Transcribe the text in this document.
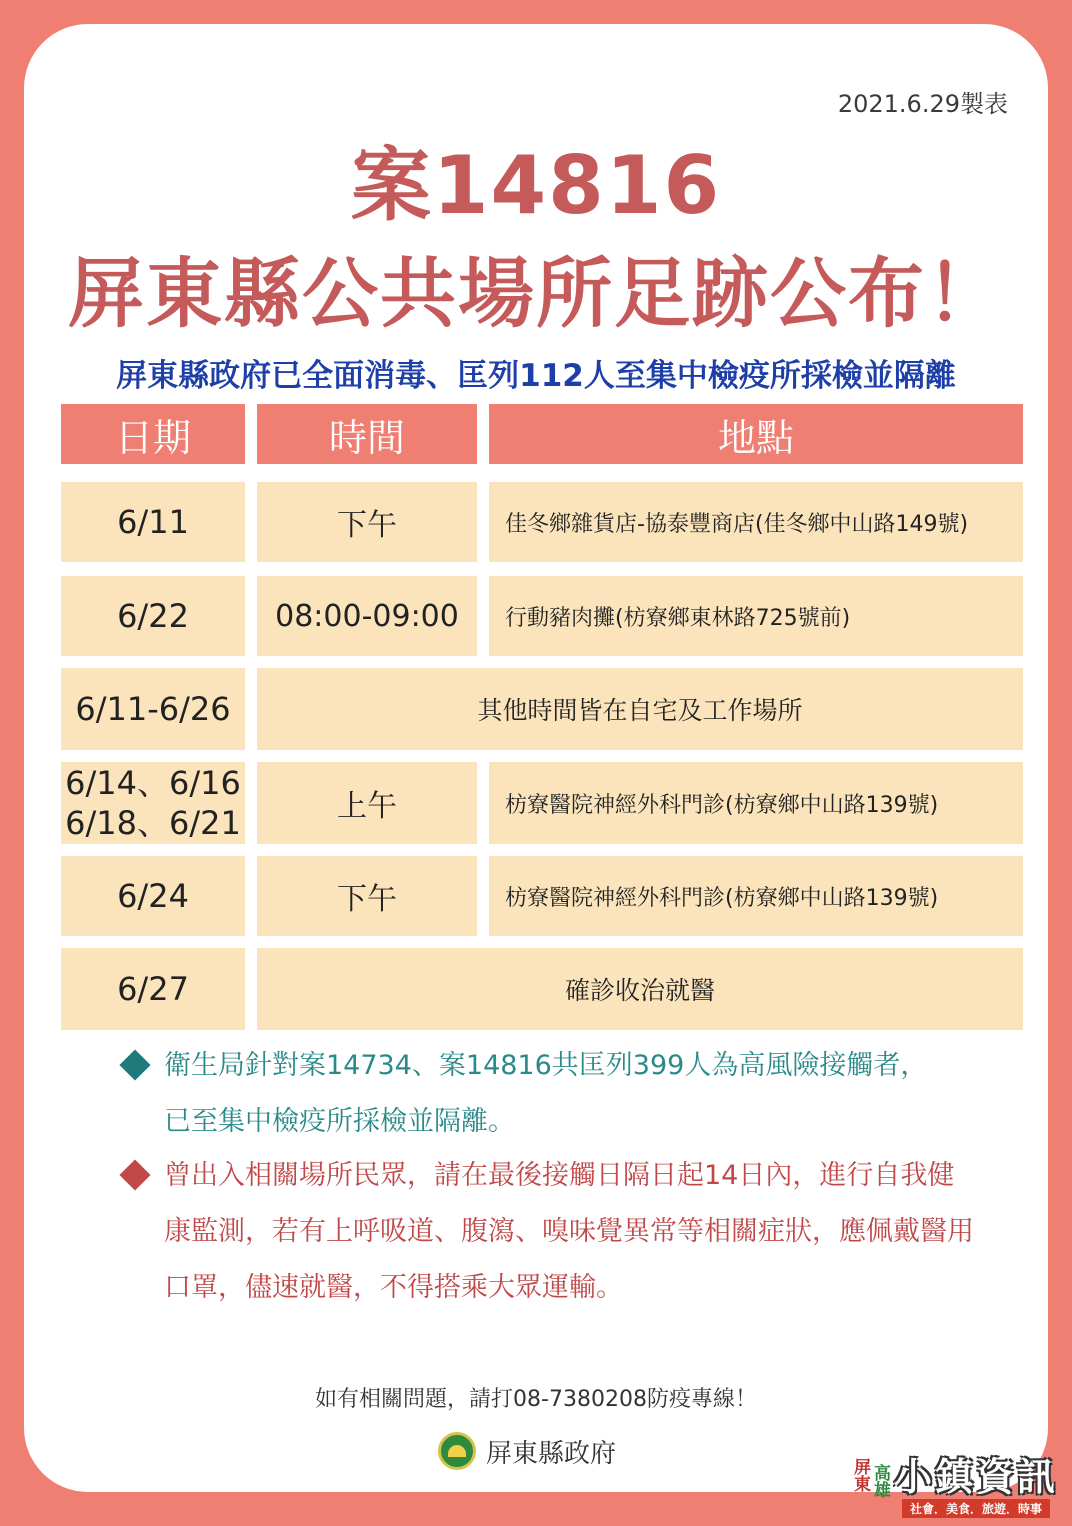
2021.6.29製表
案14816
屏東縣公共場所足跡公布！
屏東縣政府已全面消毒、匡列112人至集中檢疫所採檢並隔離
日期	時間	地點
6/11	下午	佳冬鄉雜貨店-協泰豐商店(佳冬鄉中山路149號)
6/22	08:00-09:00	行動豬肉攤(枋寮鄉東林路725號前)
6/11-6/26	其他時間皆在自宅及工作場所
6/14、6/16
6/18、6/21	上午	枋寮醫院神經外科門診(枋寮鄉中山路139號)
6/24	下午	枋寮醫院神經外科門診(枋寮鄉中山路139號)
6/27	確診收治就醫
衛生局針對案14734、案14816共匡列399人為高風險接觸者，
已至集中檢疫所採檢並隔離。
曾出入相關場所民眾，請在最後接觸日隔日起14日內，進行自我健
康監測，若有上呼吸道、腹瀉、嗅味覺異常等相關症狀，應佩戴醫用
口罩，儘速就醫，不得搭乘大眾運輸。
如有相關問題，請打08-7380208防疫專線！
屏東縣政府
屏東 高雄 小鎮資訊
社會．美食．旅遊．時事
